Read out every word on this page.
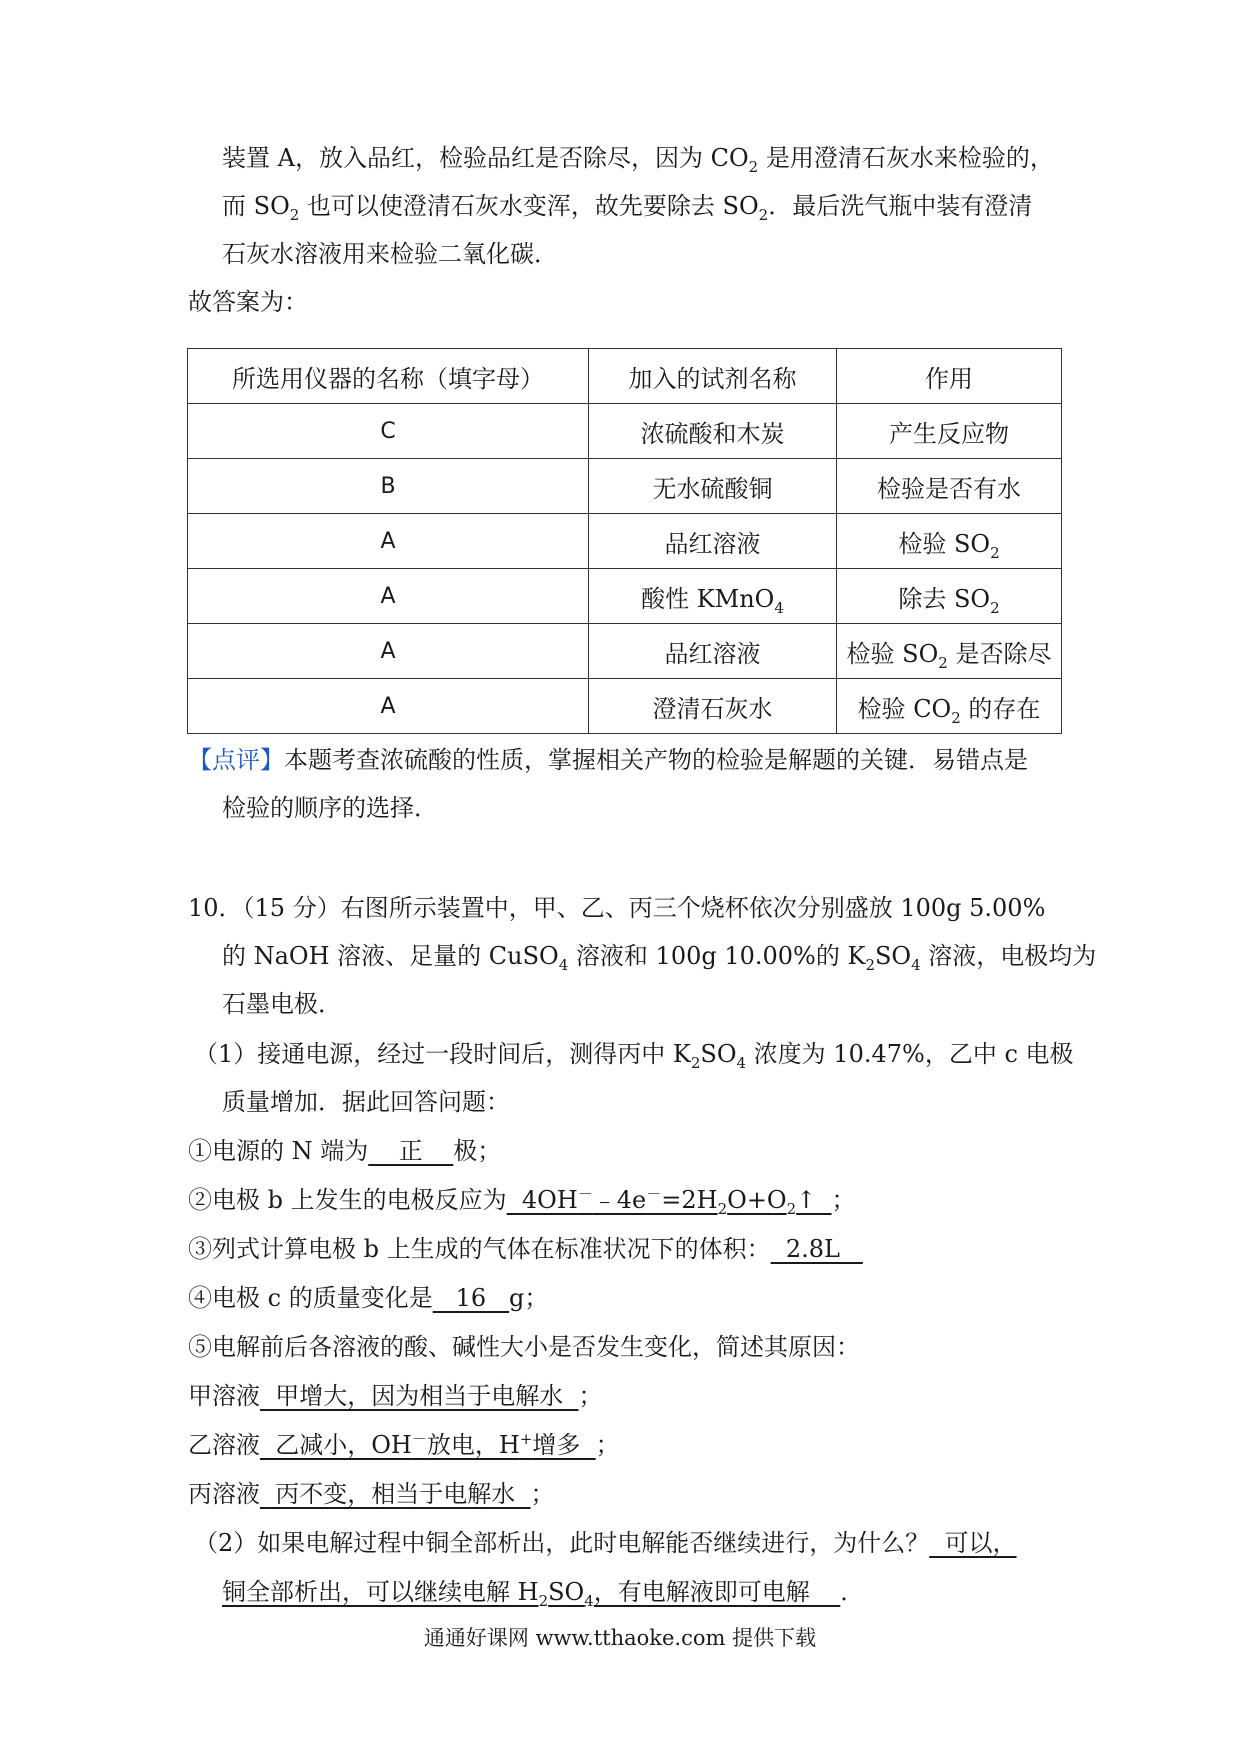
装置 A，放入品红，检验品红是否除尽，因为 $CO_2$ 是用澄清石灰水来检验的，
而 $SO_2$ 也可以使澄清石灰水变浑，故先要除去 $SO_2$．最后洗气瓶中装有澄清
石灰水溶液用来检验二氧化碳．
故答案为：
所选用仪器的名称（填字母）	加入的试剂名称	作用
C	浓硫酸和木炭	产生反应物
B	无水硫酸铜	检验是否有水
A	品红溶液	检验 $SO_2$
A	酸性 KMnO$_4$	除去 $SO_2$
A	品红溶液	检验 $SO_2$ 是否除尽
A	澄清石灰水	检验 $CO_2$ 的存在
【点评】本题考查浓硫酸的性质，掌握相关产物的检验是解题的关键．易错点是
检验的顺序的选择．
10．（15 分）右图所示装置中，甲、乙、丙三个烧杯依次分别盛放 100g 5.00%
的 NaOH 溶液、足量的 CuSO$_4$ 溶液和 100g 10.00%的 $K_2SO_4$ 溶液，电极均为
石墨电极．
（1）接通电源，经过一段时间后，测得丙中 $K_2SO_4$ 浓度为 10.47%，乙中 c 电极
质量增加．据此回答问题：
①电源的 N 端为    正    极；
②电极 b 上发生的电极反应为  $4OH^-﹣4e^-=2H_2O+O_2↑$  ；
③列式计算电极 b 上生成的气体在标准状况下的体积：  2.8L
④电极 c 的质量变化是   16   g；
⑤电解前后各溶液的酸、碱性大小是否发生变化，简述其原因：
甲溶液  甲增大，因为相当于电解水  ；
乙溶液  乙减小，OH－放电，H+增多  ；
丙溶液  丙不变，相当于电解水  ；
（2）如果电解过程中铜全部析出，此时电解能否继续进行，为什么？  可以，
铜全部析出，可以继续电解 $H_2SO_4$，有电解液即可电解    ．
通通好课网 www.tthaoke.com 提供下载
